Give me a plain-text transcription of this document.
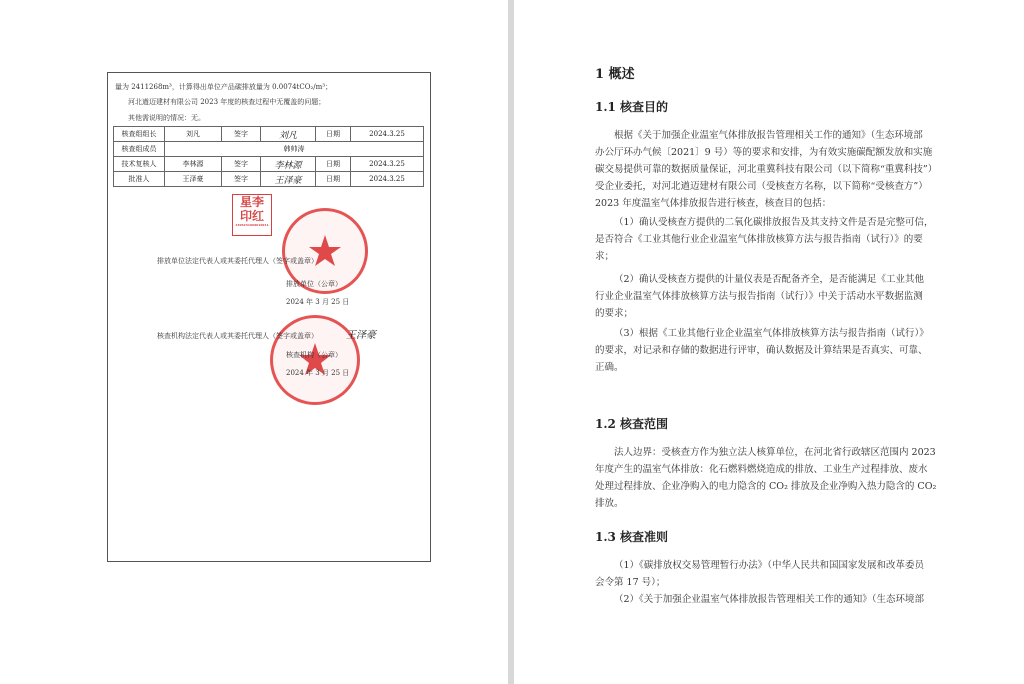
量为 2411268m³，计算得出单位产品碳排放量为 0.0074tCO₂/m³；
河北遒迈建材有限公司 2023 年度的核查过程中无覆盖的问题；
其他需说明的情况：无。
核查组组长	刘凡	签字	刘凡	日期	2024.3.25
核查组成员	韩帅涛				
技术复核人	李林源	签字	李林源	日期	2024.3.25
批准人	王泽豪	签字	王泽豪	日期	2024.3.25
星李
印红
1303231969010911
排放单位法定代表人或其委托代理人（签字或盖章）
排放单位（公章）
2024 年 3 月 25 日
核查机构法定代表人或其委托代理人（签字或盖章）	王泽豪
核查机构（公章）
2024 年 3 月 25 日
1 概述
1.1 核查目的
根据《关于加强企业温室气体排放报告管理相关工作的通知》（生态环境部
办公厅环办气候〔2021〕9 号）等的要求和安排，为有效实施碳配额发放和实施
碳交易提供可靠的数据质量保证，河北重冀科技有限公司（以下简称“重冀科技”）
受企业委托，对河北遒迈建材有限公司（受核查方名称，以下简称“受核查方”）
2023 年度温室气体排放报告进行核查，核查目的包括：
（1）确认受核查方提供的二氧化碳排放报告及其支持文件是否是完整可信，
是否符合《工业其他行业企业温室气体排放核算方法与报告指南（试行）》的要
求；
（2）确认受核查方提供的计量仪表是否配备齐全，是否能满足《工业其他
行业企业温室气体排放核算方法与报告指南（试行）》中关于活动水平数据监测
的要求；
（3）根据《工业其他行业企业温室气体排放核算方法与报告指南（试行）》
的要求，对记录和存储的数据进行评审，确认数据及计算结果是否真实、可靠、
正确。
1.2 核查范围
法人边界：受核查方作为独立法人核算单位，在河北省行政辖区范围内 2023
年度产生的温室气体排放：化石燃料燃烧造成的排放、工业生产过程排放、废水
处理过程排放、企业净购入的电力隐含的 CO₂ 排放及企业净购入热力隐含的 CO₂
排放。
1.3 核查准则
（1）《碳排放权交易管理暂行办法》（中华人民共和国国家发展和改革委员
会令第 17 号）；
（2）《关于加强企业温室气体排放报告管理相关工作的通知》（生态环境部
